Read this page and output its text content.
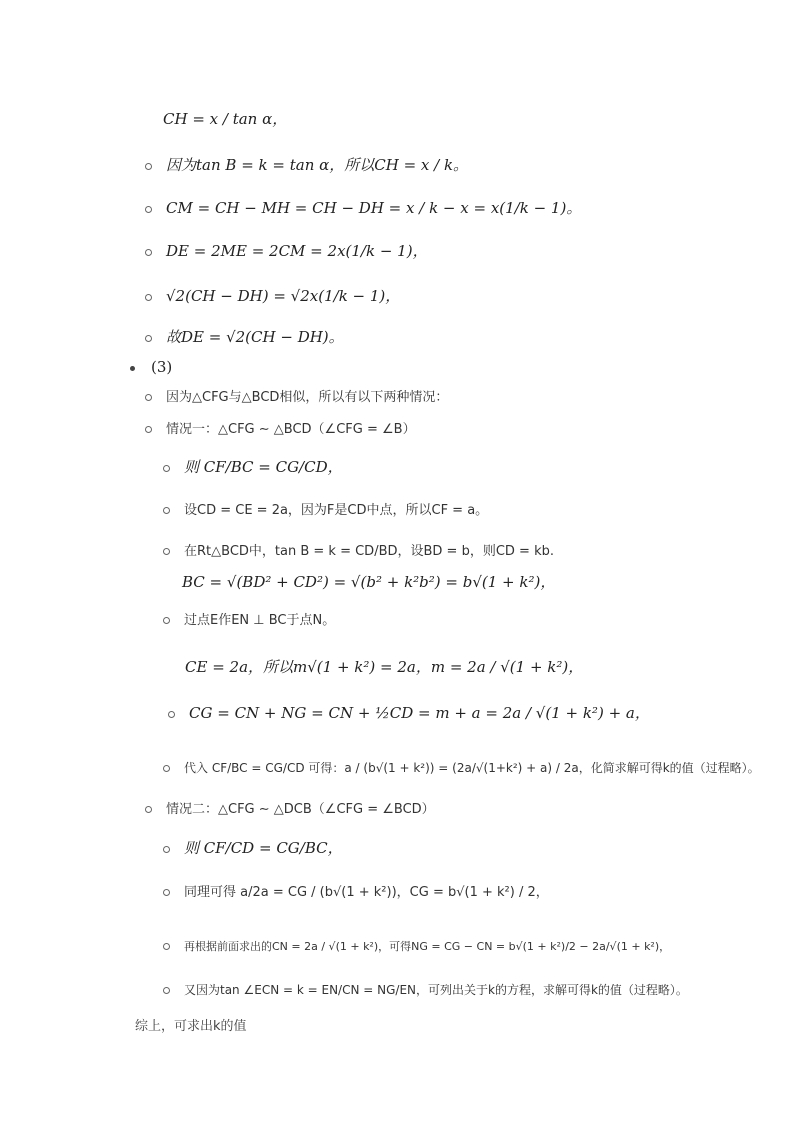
CH = x / tan α，
因为tan B = k = tan α，所以CH = x / k。
CM = CH − MH = CH − DH = x / k − x = x(1/k − 1)。
DE = 2ME = 2CM = 2x(1/k − 1)，
√2(CH − DH) = √2x(1/k − 1)，
故DE = √2(CH − DH)。
(3)
因为△CFG与△BCD相似，所以有以下两种情况：
情况一：△CFG ∼ △BCD（∠CFG = ∠B）
则 CF/BC = CG/CD，
设CD = CE = 2a，因为F是CD中点，所以CF = a。
在Rt△BCD中，tan B = k = CD/BD，设BD = b，则CD = kb.
BC = √(BD² + CD²) = √(b² + k²b²) = b√(1 + k²)，
过点E作EN ⊥ BC于点N。
CE = 2a，所以m√(1 + k²) = 2a，m = 2a / √(1 + k²)，
CG = CN + NG = CN + ½CD = m + a = 2a / √(1 + k²) + a，
代入 CF/BC = CG/CD 可得：a / (b√(1 + k²)) = (2a/√(1+k²) + a) / 2a，化简求解可得k的值（过程略）。
情况二：△CFG ∼ △DCB（∠CFG = ∠BCD）
则 CF/CD = CG/BC，
同理可得 a/2a = CG / (b√(1 + k²))，CG = b√(1 + k²) / 2，
再根据前面求出的CN = 2a / √(1 + k²)，可得NG = CG − CN = b√(1 + k²)/2 − 2a/√(1 + k²)，
又因为tan ∠ECN = k = EN/CN = NG/EN，可列出关于k的方程，求解可得k的值（过程略）。
综上，可求出k的值
